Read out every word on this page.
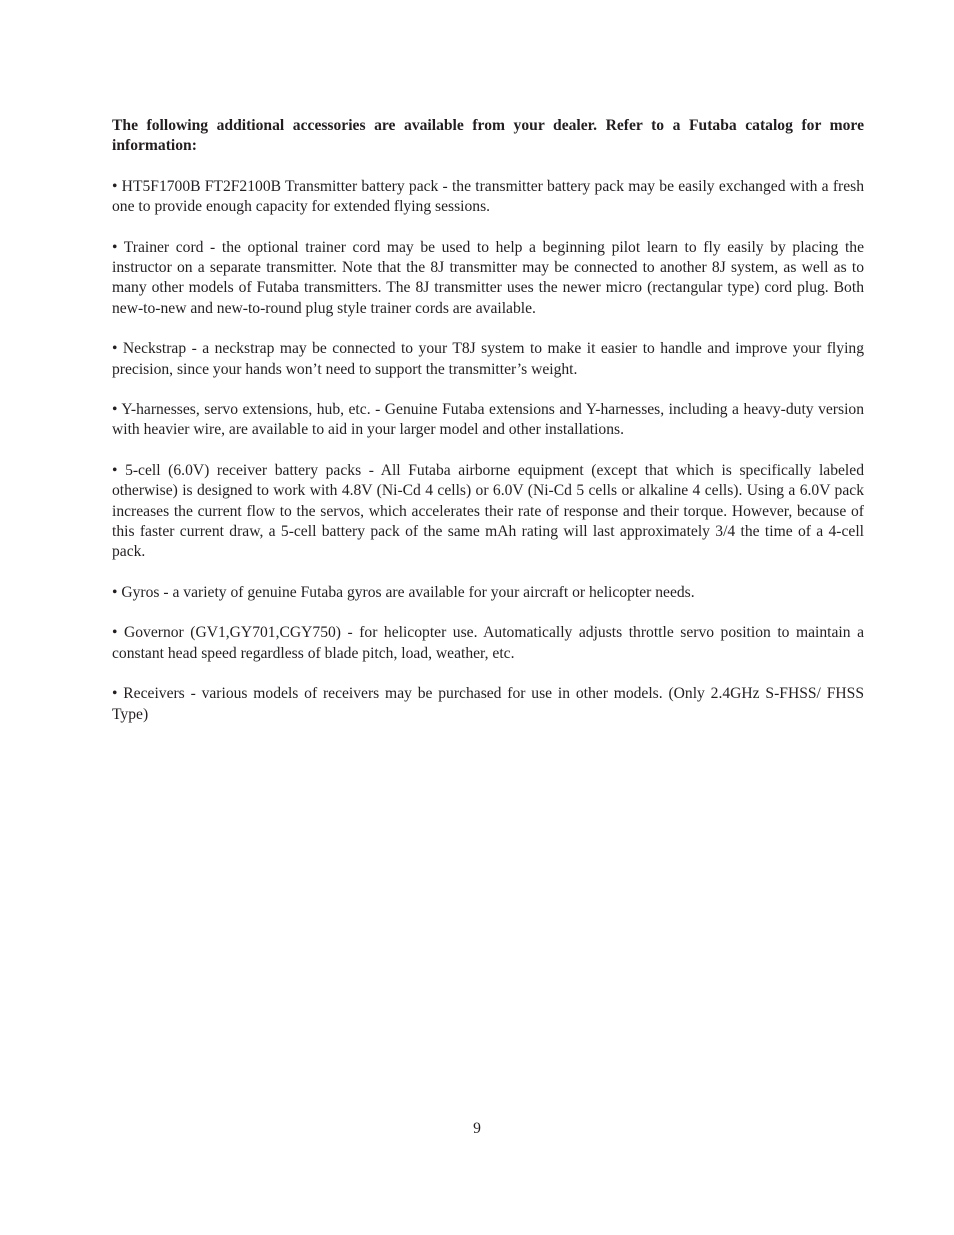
The following additional accessories are available from your dealer. Refer to a Futaba catalog for more information:

• HT5F1700B FT2F2100B Transmitter battery pack - the transmitter battery pack may be easily exchanged with a fresh one to provide enough capacity for extended flying sessions.

• Trainer cord - the optional trainer cord may be used to help a beginning pilot learn to fly easily by placing the instructor on a separate transmitter. Note that the 8J transmitter may be connected to another 8J system, as well as to many other models of Futaba transmitters. The 8J transmitter uses the newer micro (rectangular type) cord plug. Both new-to-new and new-to-round plug style trainer cords are available.

• Neckstrap - a neckstrap may be connected to your T8J system to make it easier to handle and improve your flying precision, since your hands won’t need to support the transmitter’s weight.

• Y-harnesses, servo extensions, hub, etc. - Genuine Futaba extensions and Y-harnesses, including a heavy-duty version with heavier wire, are available to aid in your larger model and other installations.

• 5-cell (6.0V) receiver battery packs - All Futaba airborne equipment (except that which is specifically labeled otherwise) is designed to work with 4.8V (Ni-Cd 4 cells) or 6.0V (Ni-Cd 5 cells or alkaline 4 cells). Using a 6.0V pack increases the current flow to the servos, which accelerates their rate of response and their torque. However, because of this faster current draw, a 5-cell battery pack of the same mAh rating will last approximately 3/4 the time of a 4-cell pack.

• Gyros - a variety of genuine Futaba gyros are available for your aircraft or helicopter needs.

• Governor (GV1,GY701,CGY750) - for helicopter use. Automatically adjusts throttle servo position to maintain a constant head speed regardless of blade pitch, load, weather, etc.

• Receivers - various models of receivers may be purchased for use in other models. (Only 2.4GHz S-FHSS/ FHSS Type)

9
